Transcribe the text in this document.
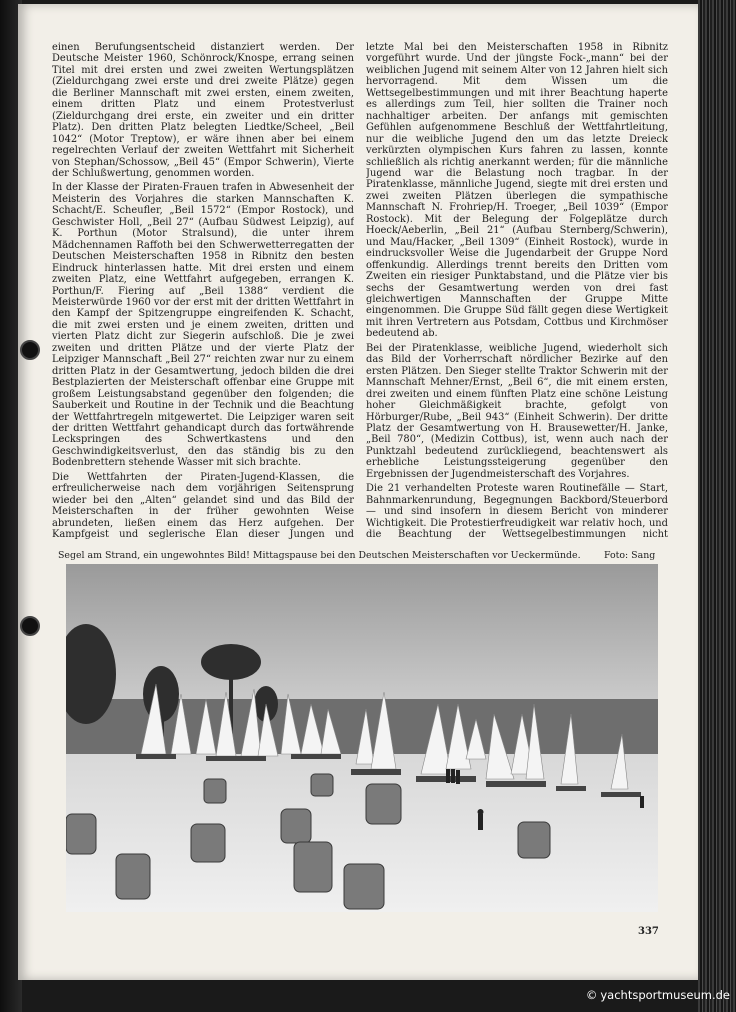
einen Berufungsentscheid distanziert werden. Der Deutsche Meister 1960, Schönrock/Knospe, errang seinen Titel mit drei ersten und zwei zweiten Wertungsplätzen (Zieldurchgang zwei erste und drei zweite Plätze) gegen die Berliner Mannschaft mit zwei ersten, einem zweiten, einem dritten Platz und einem Protestverlust (Zieldurchgang drei erste, ein zweiter und ein dritter Platz). Den dritten Platz belegten Liedtke/Scheel, „Beil 1042“ (Motor Treptow), er wäre ihnen aber bei einem regelrechten Verlauf der zweiten Wettfahrt mit Sicherheit von Stephan/Schossow, „Beil 45“ (Empor Schwerin), Vierte der Schlußwertung, genommen worden.

In der Klasse der Piraten-Frauen trafen in Abwesenheit der Meisterin des Vorjahres die starken Mannschaften K. Schacht/E. Scheufler, „Beil 1572“ (Empor Rostock), und Geschwister Holl, „Beil 27“ (Aufbau Südwest Leipzig), auf K. Porthun (Motor Stralsund), die unter ihrem Mädchennamen Raffoth bei den Schwerwetterregatten der Deutschen Meisterschaften 1958 in Ribnitz den besten Eindruck hinterlassen hatte. Mit drei ersten und einem zweiten Platz, eine Wettfahrt aufgegeben, errangen K. Porthun/F. Fiering auf „Beil 1388“ verdient die Meisterwürde 1960 vor der erst mit der dritten Wettfahrt in den Kampf der Spitzengruppe eingreifenden K. Schacht, die mit zwei ersten und je einem zweiten, dritten und vierten Platz dicht zur Siegerin aufschloß. Die je zwei zweiten und dritten Plätze und der vierte Platz der Leipziger Mannschaft „Beil 27“ reichten zwar nur zu einem dritten Platz in der Gesamtwertung, jedoch bilden die drei Bestplazierten der Meisterschaft offenbar eine Gruppe mit großem Leistungsabstand gegenüber den folgenden; die Sauberkeit und Routine in der Technik und die Beachtung der Wettfahrtregeln mitgewertet. Die Leipziger waren seit der dritten Wettfahrt gehandicapt durch das fortwährende Leckspringen des Schwertkastens und den Geschwindigkeitsverlust, den das ständig bis zu den Bodenbrettern stehende Wasser mit sich brachte.

Die Wettfahrten der Piraten-Jugend-Klassen, die erfreulicherweise nach dem vorjährigen Seitensprung wieder bei den „Alten“ gelandet sind und das Bild der Meisterschaften in der früher gewohnten Weise abrundeten, ließen einem das Herz aufgehen. Der Kampfgeist und seglerische Elan dieser Jungen und

letzte Mal bei den Meisterschaften 1958 in Ribnitz vorgeführt wurde. Und der jüngste Fock-„mann“ bei der weiblichen Jugend mit seinem Alter von 12 Jahren hielt sich hervorragend. Mit dem Wissen um die Wettsegelbestimmungen und mit ihrer Beachtung haperte es allerdings zum Teil, hier sollten die Trainer noch nachhaltiger arbeiten. Der anfangs mit gemischten Gefühlen aufgenommene Beschluß der Wettfahrtleitung, nur die weibliche Jugend den um das letzte Dreieck verkürzten olympischen Kurs fahren zu lassen, konnte schließlich als richtig anerkannt werden; für die männliche Jugend war die Belastung noch tragbar. In der Piratenklasse, männliche Jugend, siegte mit drei ersten und zwei zweiten Plätzen überlegen die sympathische Mannschaft N. Frohriep/H. Troeger, „Beil 1039“ (Empor Rostock). Mit der Belegung der Folgeplätze durch Hoeck/Aeberlin, „Beil 21“ (Aufbau Sternberg/Schwerin), und Mau/Hacker, „Beil 1309“ (Einheit Rostock), wurde in eindrucksvoller Weise die Jugendarbeit der Gruppe Nord offenkundig. Allerdings trennt bereits den Dritten vom Zweiten ein riesiger Punktabstand, und die Plätze vier bis sechs der Gesamtwertung werden von drei fast gleichwertigen Mannschaften der Gruppe Mitte eingenommen. Die Gruppe Süd fällt gegen diese Wertigkeit mit ihren Vertretern aus Potsdam, Cottbus und Kirchmöser bedeutend ab.

Bei der Piratenklasse, weibliche Jugend, wiederholt sich das Bild der Vorherrschaft nördlicher Bezirke auf den ersten Plätzen. Den Sieger stellte Traktor Schwerin mit der Mannschaft Mehner/Ernst, „Beil 6“, die mit einem ersten, drei zweiten und einem fünften Platz eine schöne Leistung hoher Gleichmäßigkeit brachte, gefolgt von Hörburger/Rube, „Beil 943“ (Einheit Schwerin). Der dritte Platz der Gesamtwertung von H. Brausewetter/H. Janke, „Beil 780“, (Medizin Cottbus), ist, wenn auch nach der Punktzahl bedeutend zurückliegend, beachtenswert als erhebliche Leistungssteigerung gegenüber den Ergebnissen der Jugendmeisterschaft des Vorjahres.

Die 21 verhandelten Proteste waren Routinefälle — Start, Bahnmarkenrundung, Begegnungen Backbord/Steuerbord — und sind insofern in diesem Bericht von minderer Wichtigkeit. Die Protestierfreudigkeit war relativ hoch, und die Beachtung der Wettsegelbestimmungen nicht

Segel am Strand, ein ungewohntes Bild! Mittagspause bei den Deutschen Meisterschaften vor Ueckermünde. Foto: Sang
337
© yachtsportmuseum.de
